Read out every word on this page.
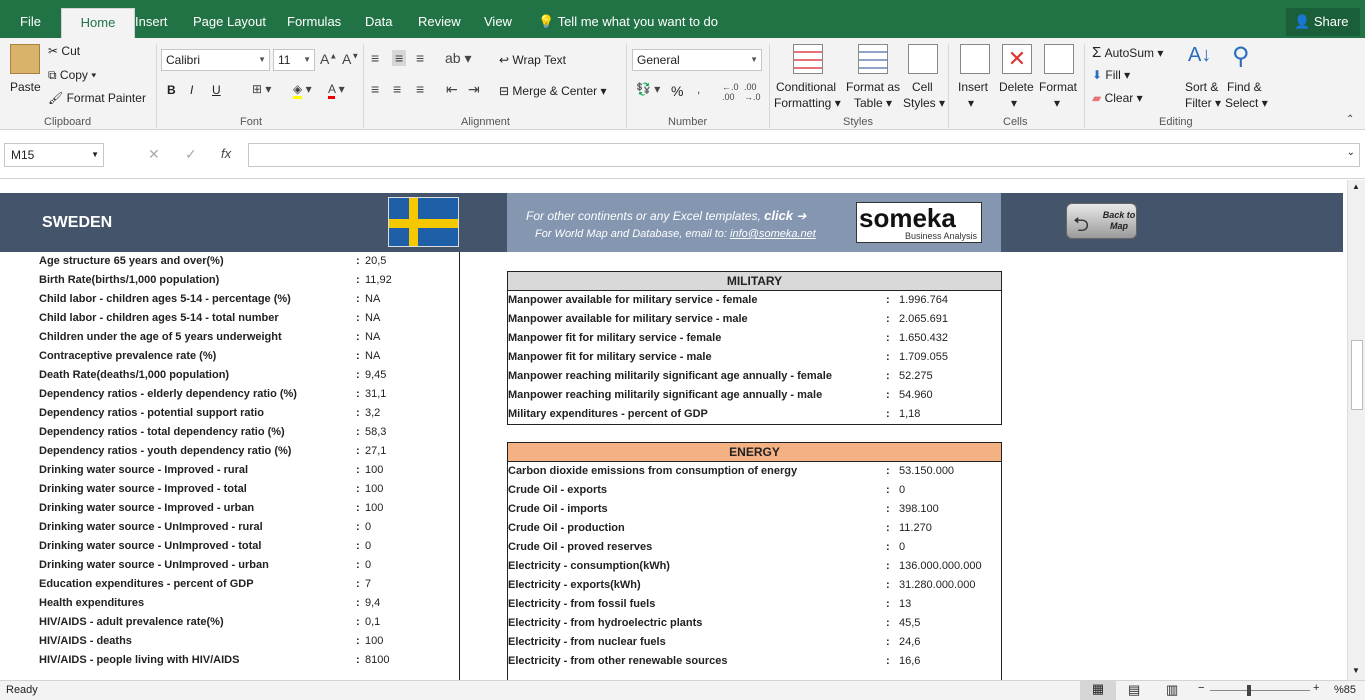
File	Home	Insert	Page Layout	Formulas	Data	Review	View	💡 Tell me what you want to do	👤 Share
Paste
✂ Cut
⧉ Copy ▾
🖌 Format Painter
Clipboard
Calibri	▼	11 ▼ A▲ A▼
B I U	⊞ ▾ ◈ ▾ A ▾
Font
≡ ≡ ≡ ab ▾
≡ ≡ ≡ ⇤ ⇥
↩ Wrap Text
⊟ Merge & Center ▾
Alignment
General	▼
💱 ▾ % , ←.0
.00
.00
→.0
Number
Conditional
Formatting ▾
Format as
Table ▾
Cell
Styles ▾
Styles
Insert
▾
✕
Delete
▾
Format
▾
Cells
Σ AutoSum ▾
⬇ Fill ▾
▰ Clear ▾
A↓
Sort &
Filter ▾
⚲
Find &
Select ▾
Editing	⌃
M15	▼	✕ ✓ fx	⌄
SWEDEN	For other continents or any Excel templates, click ➔
For World Map and Database, email to: info@someka.net
someka
Business Analysis	⮌ Back to Map
Age structure 65 years and over(%)	: 20,5
Birth Rate(births/1,000 population)	: 11,92
Child labor - children ages 5-14 - percentage (%)	: NA
Child labor - children ages 5-14 - total number	: NA
Children under the age of 5 years underweight	: NA
Contraceptive prevalence rate (%)	: NA
Death Rate(deaths/1,000 population)	: 9,45
Dependency ratios - elderly dependency ratio (%)	: 31,1
Dependency ratios - potential support ratio	: 3,2
Dependency ratios - total dependency ratio (%)	: 58,3
Dependency ratios - youth dependency ratio (%)	: 27,1
Drinking water source - Improved - rural	: 100
Drinking water source - Improved - total	: 100
Drinking water source - Improved - urban	: 100
Drinking water source - UnImproved - rural	: 0
Drinking water source - UnImproved - total	: 0
Drinking water source - UnImproved - urban	: 0
Education expenditures - percent of GDP	: 7
Health expenditures	: 9,4
HIV/AIDS - adult prevalence rate(%)	: 0,1
HIV/AIDS - deaths	: 100
HIV/AIDS - people living with HIV/AIDS	: 8100
MILITARY
Manpower available for military service - female	: 1.996.764
Manpower available for military service - male	: 2.065.691
Manpower fit for military service - female	: 1.650.432
Manpower fit for military service - male	: 1.709.055
Manpower reaching militarily significant age annually - female	: 52.275
Manpower reaching militarily significant age annually - male	: 54.960
Military expenditures - percent of GDP	: 1,18
ENERGY
Carbon dioxide emissions from consumption of energy	: 53.150.000
Crude Oil - exports	: 0
Crude Oil - imports	: 398.100
Crude Oil - production	: 11.270
Crude Oil - proved reserves	: 0
Electricity - consumption(kWh)	: 136.000.000.000
Electricity - exports(kWh)	: 31.280.000.000
Electricity - from fossil fuels	: 13
Electricity - from hydroelectric plants	: 45,5
Electricity - from nuclear fuels	: 24,6
Electricity - from other renewable sources	: 16,6
▲
▼
Ready	▦	▤ ▥ −	+ %85
